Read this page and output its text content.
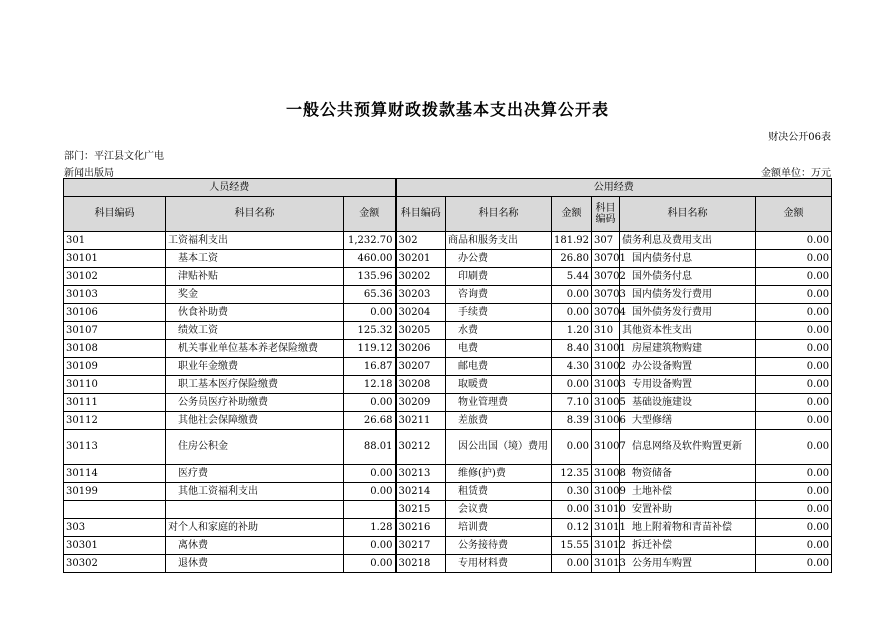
一般公共预算财政拨款基本支出决算公开表
财决公开06表
部门：平江县文化广电
新闻出版局	金额单位：万元
人员经费			公用经费					
科目编码	科目名称	金额	科目编码	科目名称	金额	科目编码	科目名称	金额
301	工资福利支出	1,232.70	302	商品和服务支出	181.92	307	债务利息及费用支出	0.00
30101	基本工资	460.00	30201	办公费	26.80	30701	国内债务付息	0.00
30102	津贴补贴	135.96	30202	印刷费	5.44	30702	国外债务付息	0.00
30103	奖金	65.36	30203	咨询费	0.00	30703	国内债务发行费用	0.00
30106	伙食补助费	0.00	30204	手续费	0.00	30704	国外债务发行费用	0.00
30107	绩效工资	125.32	30205	水费	1.20	310	其他资本性支出	0.00
30108	机关事业单位基本养老保险缴费	119.12	30206	电费	8.40	31001	房屋建筑物购建	0.00
30109	职业年金缴费	16.87	30207	邮电费	4.30	31002	办公设备购置	0.00
30110	职工基本医疗保险缴费	12.18	30208	取暖费	0.00	31003	专用设备购置	0.00
30111	公务员医疗补助缴费	0.00	30209	物业管理费	7.10	31005	基础设施建设	0.00
30112	其他社会保障缴费	26.68	30211	差旅费	8.39	31006	大型修缮	0.00
30113	住房公积金	88.01	30212	因公出国（境）费用	0.00	31007	信息网络及软件购置更新	0.00
30114	医疗费	0.00	30213	维修(护)费	12.35	31008	物资储备	0.00
30199	其他工资福利支出	0.00	30214	租赁费	0.30	31009	土地补偿	0.00
			30215	会议费	0.00	31010	安置补助	0.00
303	对个人和家庭的补助	1.28	30216	培训费	0.12	31011	地上附着物和青苗补偿	0.00
30301	离休费	0.00	30217	公务接待费	15.55	31012	拆迁补偿	0.00
30302	退休费	0.00	30218	专用材料费	0.00	31013	公务用车购置	0.00
